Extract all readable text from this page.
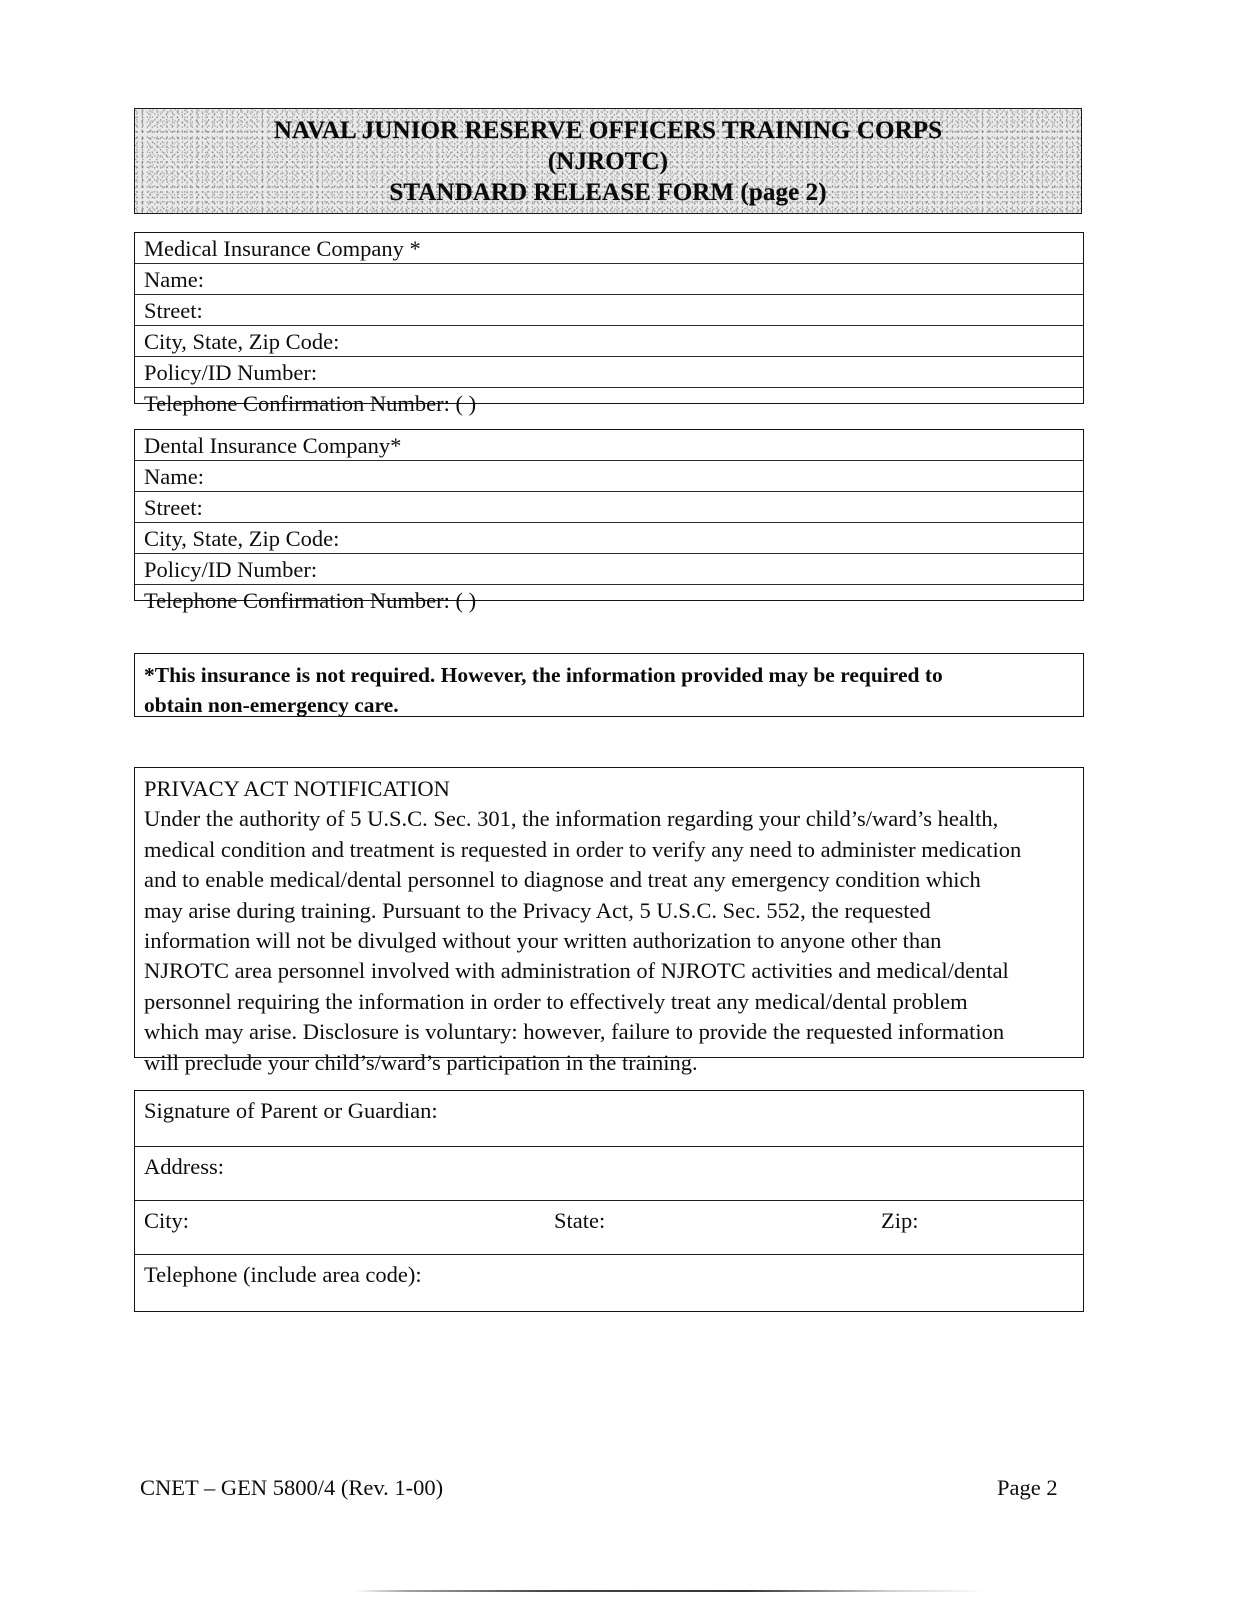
NAVAL JUNIOR RESERVE OFFICERS TRAINING CORPS
(NJROTC)
STANDARD RELEASE FORM (page 2)
Medical Insurance Company *
Name:
Street:
City, State, Zip Code:
Policy/ID Number:
Telephone Confirmation Number: ( )
Dental Insurance Company*
Name:
Street:
City, State, Zip Code:
Policy/ID Number:
Telephone Confirmation Number: ( )
*This insurance is not required. However, the information provided may be required to
obtain non-emergency care.
PRIVACY ACT NOTIFICATION
Under the authority of 5 U.S.C. Sec. 301, the information regarding your child’s/ward’s health,
medical condition and treatment is requested in order to verify any need to administer medication
and to enable medical/dental personnel to diagnose and treat any emergency condition which
may arise during training. Pursuant to the Privacy Act, 5 U.S.C. Sec. 552, the requested
information will not be divulged without your written authorization to anyone other than
NJROTC area personnel involved with administration of NJROTC activities and medical/dental
personnel requiring the information in order to effectively treat any medical/dental problem
which may arise. Disclosure is voluntary: however, failure to provide the requested information
will preclude your child’s/ward’s participation in the training.
Signature of Parent or Guardian:
Address:
City:	State:	Zip:
Telephone (include area code):
CNET – GEN 5800/4 (Rev. 1-00)	Page 2
